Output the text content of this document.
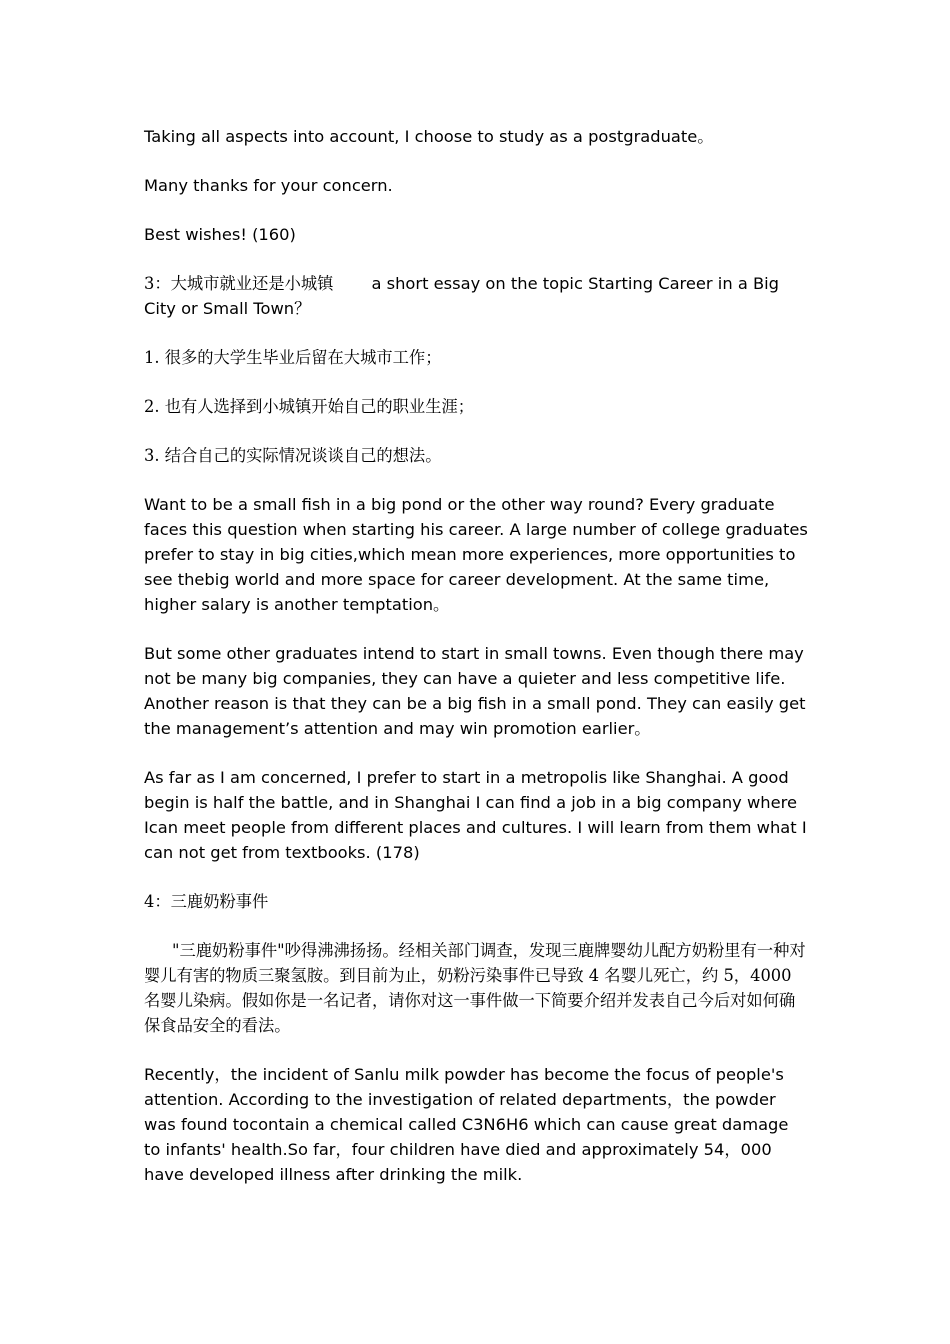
Taking all aspects into account, I choose to study as a postgraduate。

Many thanks for your concern.

Best wishes! (160)

3：大城市就业还是小城镇 a short essay on the topic Starting Career in a Big City or Small Town？

1. 很多的大学生毕业后留在大城市工作；

2. 也有人选择到小城镇开始自己的职业生涯；

3. 结合自己的实际情况谈谈自己的想法。

Want to be a small fish in a big pond or the other way round? Every graduate faces this question when starting his career. A large number of college graduates prefer to stay in big cities,which mean more experiences, more opportunities to see thebig world and more space for career development. At the same time, higher salary is another temptation。

But some other graduates intend to start in small towns. Even though there may not be many big companies, they can have a quieter and less competitive life. Another reason is that they can be a big fish in a small pond. They can easily get the management’s attention and may win promotion earlier。

As far as I am concerned, I prefer to start in a metropolis like Shanghai. A good begin is half the battle, and in Shanghai I can find a job in a big company where Ican meet people from different places and cultures. I will learn from them what I can not get from textbooks. (178)

4：三鹿奶粉事件

"三鹿奶粉事件"吵得沸沸扬扬。经相关部门调查，发现三鹿牌婴幼儿配方奶粉里有一种对婴儿有害的物质三聚氢胺。到目前为止，奶粉污染事件已导致 4 名婴儿死亡，约 5，4000 名婴儿染病。假如你是一名记者，请你对这一事件做一下简要介绍并发表自己今后对如何确保食品安全的看法。

Recently，the incident of Sanlu milk powder has become the focus of people's attention. According to the investigation of related departments，the powder was found tocontain a chemical called C3N6H6 which can cause great damage to infants' health.So far，four children have died and approximately 54，000 have developed illness after drinking the milk.
